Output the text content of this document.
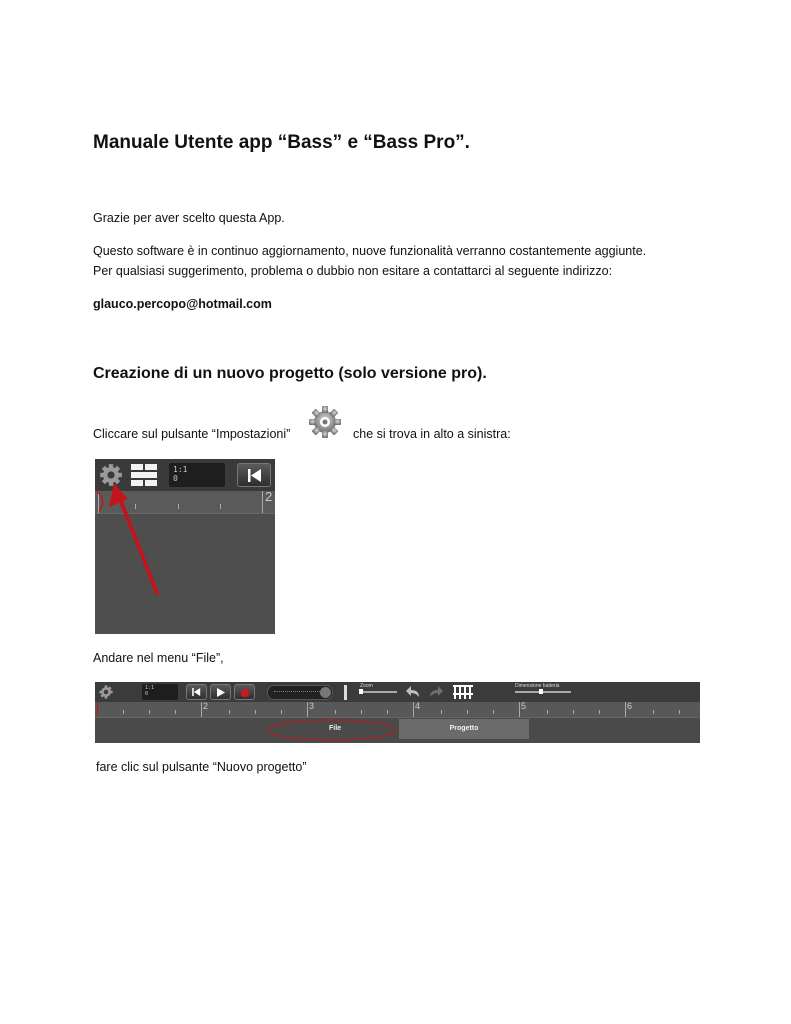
Manuale Utente app “Bass” e “Bass Pro”.
Grazie per aver scelto questa App.
Questo software è in continuo aggiornamento, nuove funzionalità verranno costantemente aggiunte.
Per qualsiasi suggerimento, problema o dubbio non esitare a contattarci al seguente indirizzo:
glauco.percopo@hotmail.com
Creazione di un nuovo progetto (solo versione pro).
Cliccare sul pulsante “Impostazioni”	che si trova in alto a sinistra:
1:1
0
2
Andare nel menu “File”,
1:1
0
Zoom	Dimensione batteria
2	3	4	5	6
File	Progetto
fare clic sul pulsante “Nuovo progetto”
